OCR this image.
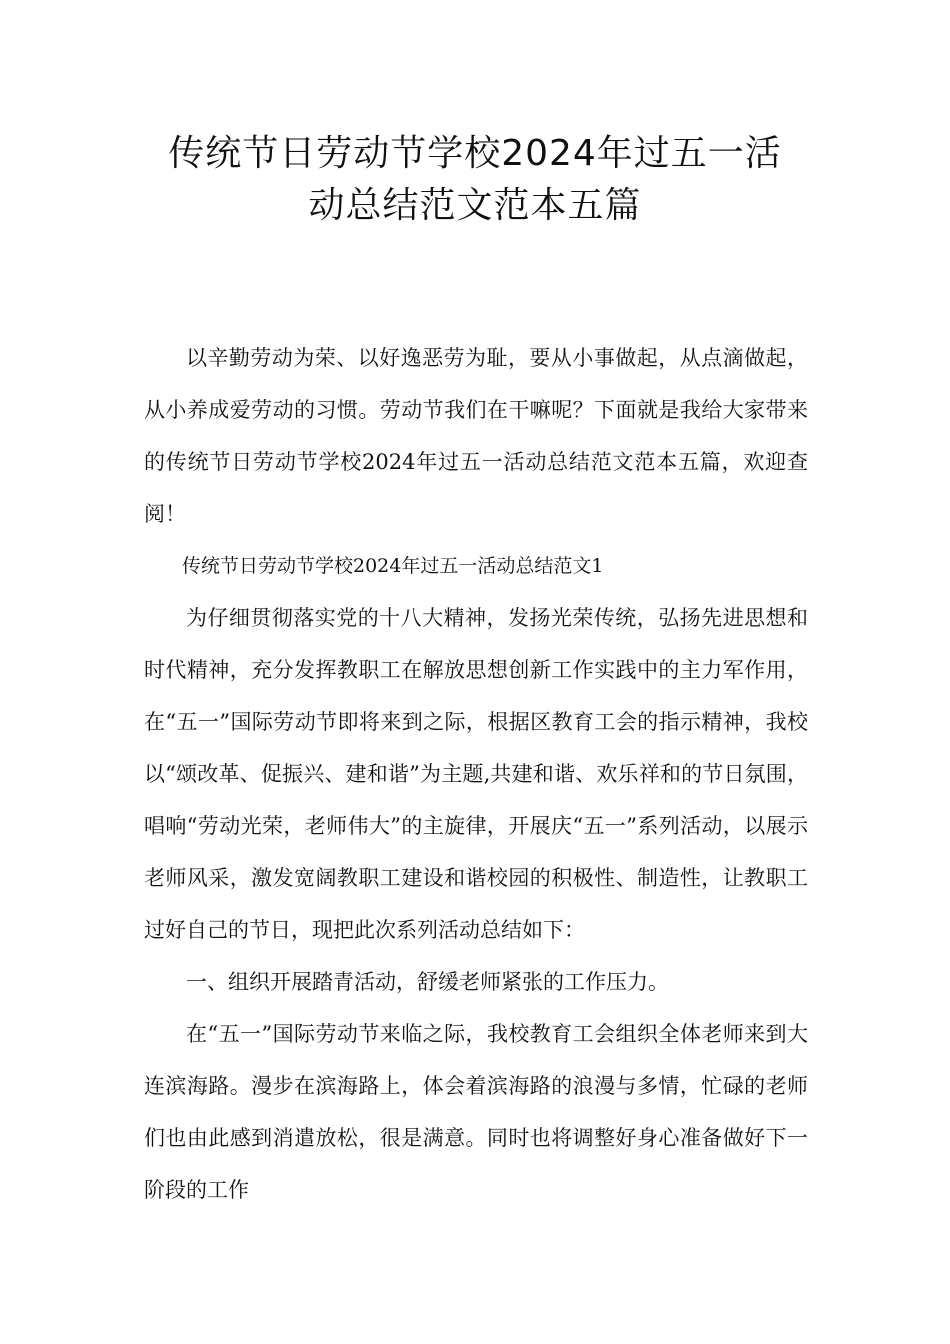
传统节日劳动节学校2024年过五一活
动总结范文范本五篇

以辛勤劳动为荣、以好逸恶劳为耻，要从小事做起，从点滴做起，从小养成爱劳动的习惯。劳动节我们在干嘛呢？下面就是我给大家带来的传统节日劳动节学校2024年过五一活动总结范文范本五篇，欢迎查阅！

传统节日劳动节学校2024年过五一活动总结范文1

为仔细贯彻落实党的十八大精神，发扬光荣传统，弘扬先进思想和时代精神，充分发挥教职工在解放思想创新工作实践中的主力军作用，在“五一”国际劳动节即将来到之际，根据区教育工会的指示精神，我校以“颂改革、促振兴、建和谐”为主题,共建和谐、欢乐祥和的节日氛围，唱响“劳动光荣，老师伟大”的主旋律，开展庆“五一”系列活动，以展示老师风采，激发宽阔教职工建设和谐校园的积极性、制造性，让教职工过好自己的节日，现把此次系列活动总结如下：

一、组织开展踏青活动，舒缓老师紧张的工作压力。

在“五一”国际劳动节来临之际，我校教育工会组织全体老师来到大连滨海路。漫步在滨海路上，体会着滨海路的浪漫与多情，忙碌的老师们也由此感到消遣放松，很是满意。同时也将调整好身心准备做好下一阶段的工作
